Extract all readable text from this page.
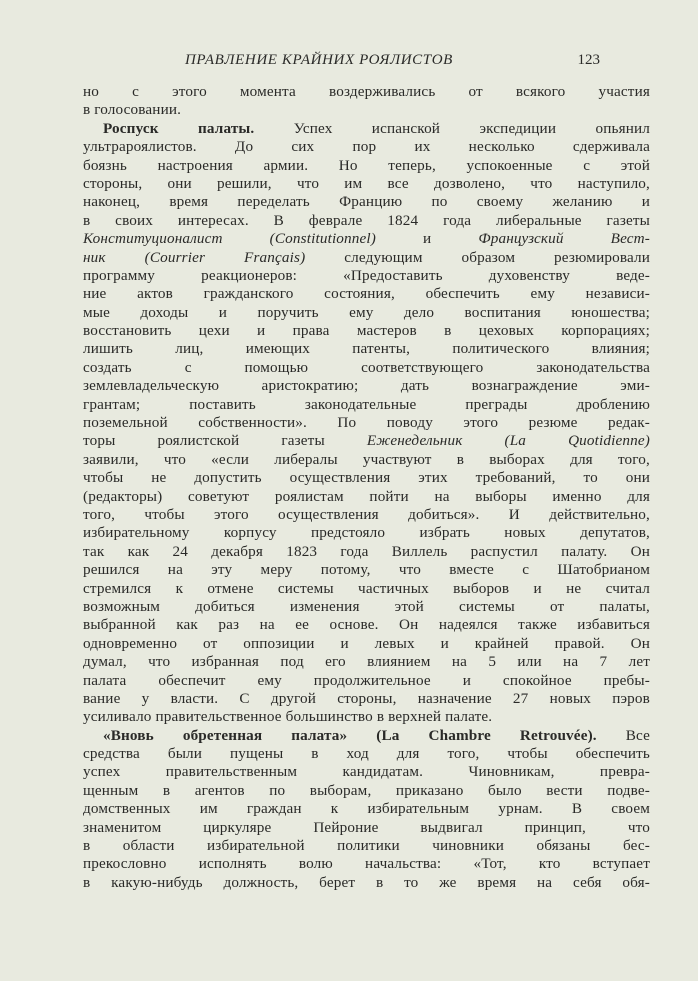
ПРАВЛЕНИЕ КРАЙНИХ РОЯЛИСТОВ	123
но с этого момента воздерживались от всякого участия
в голосовании.
Роспуск палаты. Успех испанской экспедиции опьянил
ультрароялистов. До сих пор их несколько сдерживала
боязнь настроения армии. Но теперь, успокоенные с этой
стороны, они решили, что им все дозволено, что наступило,
наконец, время переделать Францию по своему желанию и
в своих интересах. В феврале 1824 года либеральные газеты
Конституционалист (Constitutionnel) и Французский Вест-
ник (Courrier Français) следующим образом резюмировали
программу реакционеров: «Предоставить духовенству веде-
ние актов гражданского состояния, обеспечить ему независи-
мые доходы и поручить ему дело воспитания юношества;
восстановить цехи и права мастеров в цеховых корпорациях;
лишить лиц, имеющих патенты, политического влияния;
создать с помощью соответствующего законодательства
землевладельческую аристократию; дать вознаграждение эми-
грантам; поставить законодательные преграды дроблению
поземельной собственности». По поводу этого резюме редак-
торы роялистской газеты Еженедельник (La Quotidienne)
заявили, что «если либералы участвуют в выборах для того,
чтобы не допустить осуществления этих требований, то они
(редакторы) советуют роялистам пойти на выборы именно для
того, чтобы этого осуществления добиться». И действительно,
избирательному корпусу предстояло избрать новых депутатов,
так как 24 декабря 1823 года Виллель распустил палату. Он
решился на эту меру потому, что вместе с Шатобрианом
стремился к отмене системы частичных выборов и не считал
возможным добиться изменения этой системы от палаты,
выбранной как раз на ее основе. Он надеялся также избавиться
одновременно от оппозиции и левых и крайней правой. Он
думал, что избранная под его влиянием на 5 или на 7 лет
палата обеспечит ему продолжительное и спокойное пребы-
вание у власти. С другой стороны, назначение 27 новых пэров
усиливало правительственное большинство в верхней палате.
«Вновь обретенная палата» (La Chambre Retrouvée). Все
средства были пущены в ход для того, чтобы обеспечить
успех правительственным кандидатам. Чиновникам, превра-
щенным в агентов по выборам, приказано было вести подве-
домственных им граждан к избирательным урнам. В своем
знаменитом циркуляре Пейроние выдвигал принцип, что
в области избирательной политики чиновники обязаны бес-
прекословно исполнять волю начальства: «Тот, кто вступает
в какую-нибудь должность, берет в то же время на себя обя-
